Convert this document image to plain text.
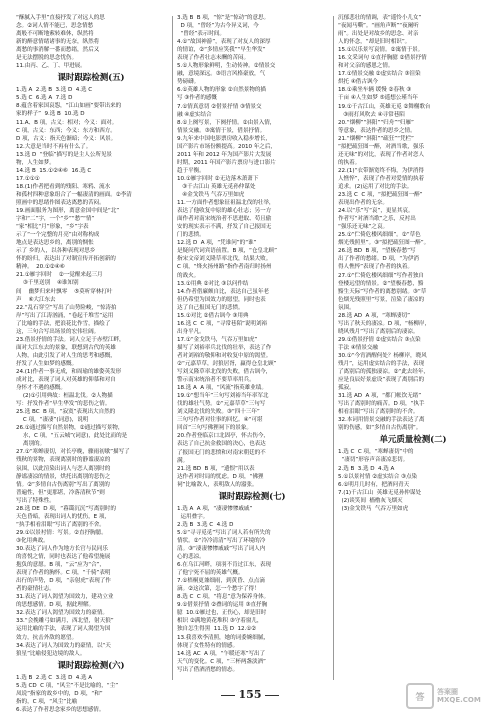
“酥腻入手里”直接抒发了对远人的思
念。②词人情不能已，思念情愁
离般不可断地萦转难休，纵然将
新的醉意情绪诸事的无奈，纵然将
离愁的事消解一番而愁绪，然后又
是无法摆脱的思念忧伤。
11.由丙、乙、丁、甲进展。
课时跟踪检测(五)
1.选 A  2.选 B  3.选 D  4.选 C
5.选 C  6.选 A  7.选 D
8.蕴含着家国哀怨，“江山如画”要带出来的
家的样子”  9.选 B  10.选 D
11.A、B 项，古义：相对；今义：面对。
C 项，古义：东西；今义：东方和西方。
D 项，古义：指天色渐暗；今义：风景。
12.大意是当时不再有什么了。
13.选 D  “登临”描写的是主人公所见景
物，人生如梦。
14.选 B  15.①②④⑥  16.选 C
17.①①①
18.(1)作者把看到的残阳、寒鸦、流水
和孤村四种意象组合了一幅凄清的画面。②李清
照画中的思绪作图表达离愁的苦闷。
19.画面服务为图形，离意金国中间是“北”
字和“二”字，一个“乡”“愁”“情”
“家”相比“月”形象，“乡”字表
示了“一个完整的月亮”由对称构成
地点是表达思乡的，离别的惆怅
示了 乡的人，以各种表现对思乡
怀的盼归，表达出了对制宣传开拓创新的
精神。  20.①②④⑥
21.①雁字回时    ②一觉醒来起三月
③千里送别    ④谁知别
间    幽梦归来叶飘零    ⑤莫听穿林打叶
声    ⑥大江东去
22.“乱石穿空”写出了山势险峻，“惊涛拍
岸”写出了江涛汹涌，“卷起千堆雪”运用
了比喻的手法，把浪花比作雪，描绘了
这，三句合写出场景的宏伟壮阔。
23.借景抒情的手法。词人立足于赤壁江畔，
面对大江东去的景象，联想到古代的英雄
人物，由此引发了对人生的思考和感慨，
抒发了人生如梦的感慨。
24.(1)作者一事无成，和周瑜的雄姿英发形
成对比，表现了词人对英雄的仰慕和对自
身怀才不遇的感慨。
(2)①引用典故：桓温北伐。②人物描
写：抒发作者“早生华发”的悲伤之情。
25.选 BC  B 项，“寂寞”表现出大自然的
C 项，“凄凄”(词意)，说明
26.①通过描写自然景物，②通过描写景物，
水，C 项，“五云城”(词意)，此处比而的是
离别的。
27.①“寒蝉凄切，对长亭晚，骤雨初歇”描写了
残秋的景物，表现离别时的静谧凄凉的
氛围，以此渲染出词人与恋人离别时的
静谧凄凉的情景，烘托出离别的悲伤之
情。②“多情自古伤离别”写出了离别的
普遍性，但“更那堪，冷落清秋节”则
写出了特殊性。
28.选 DE  D 项，“暮霭沉沉”写离别时的
天色昏暗，表现出词人的忧伤，E 项，
“执手相看泪眼”写出了离别的不舍。
29.①以景衬情：写景。②直抒胸臆。
③化用典故。
30.表达了词人作为地方长官与民同乐
的喜悦之情，同时也表达了他希望施展
抱负的意愿。B 项，“云”应为“合”，
表现了作者的胸怀。C 项，“千骑”表明
出行的声势，D 项，“亲射虎”表现了作
者的豪情壮志。
31.表达了词人渴望为国效力，建功立业
的思想感情。D 项，据此理解。
32.表达了词人渴望为国效力的豪情。
33.“会挽雕弓如满月，西北望，射天狼”
运用比喻的手法，表现了词人渴望为国
效力，抗击外敌的愿望。
34.表达了词人为国效力的豪情，以“天
狼星”比喻侵犯边境的敌人。
课时跟踪检测(六)
1.选 B  2.选 C  3.选 D  4.选 A
5.选 CD  C 项，“风尘”不是比喻的，“尘”
凤说”指家的故乡中的，D 项，“和”
指的，C 项，“风尘”比喻
6.表达了作者思念家乡的思想感情。
3.选 B  B 项，“惊”是“惊动”的意思。
D 项，“曾经”为古今异义词，今
“曾经”表示时间。
4.①“故国神游”，表现了对友人的深厚
的情谊，②“多情应笑我”“早生华发”
表现了作者壮志未酬的苦闷。
5.①人物形象鲜明，生动传神。②情景交
融，意境深远。③语言风格豪放，气
势磅礴。
6.①英雄人物的形象 ②自然景物的描
写 ③作者的感慨
7.①情真意切 ②借景抒情 ③情景交
融 ④虚实结合
8.①上阕写景，下阕抒情。②由景入情，
情景交融。③寓情于景，借景抒情。
9.九年来中国电影票房收入稳步增长，
国产影片市场份额提高。2010 年之后，
2011 年和 2012 年为国产影片大发展
时期，2011 年国产影片票房与进口影片
趋于平衡。
10.①雁字回时 ②无边落木萧萧下
③千古江山 英雄无觅孙仲谋处
④金戈铁马 气吞万里如虎
11.一方面作者想象征祖温北伐的壮举，
表达了他收复中原的雄心壮志；另一方
面作者对南宋统治者不思进取、苟且偷
安的现实表示不满，抒发了自己报国无
门的悲愤。
12.选 D  A 项，“凭谁问”的“谁”
是疑问代词宾语前置。B 项，“仓皇北顾”
指宋文帝刘义隆草率北伐，结果大败。
C 项，“烽火扬州路”指作者南归时扬州
的战火。
13.①用典 ②对比 ③以问作结
14.作者借廉颇自比，表达自己虽年老
但仍希望为国效力的愿望，同时也表
达了自己报国无门的悲愤。
15.①对比 ②借古讽今 ③用典
16.选 C  C 项，“寻常巷陌”说明刘裕
出身平凡。
17.①“金戈铁马，气吞万里如虎”
描写了刘裕率兵北伐的壮举，表达了作
者对刘裕的敬仰和对收复中原的渴望。
②“元嘉草草，封狼居胥，赢得仓皇北顾”
写刘义隆草率北伐的失败，借古讽今，
警示南宋统治者不要草率用兵。
18.选 A  A 项，“风流”指英雄业绩。
19.①“想当年”三句写刘裕当年率军北
伐的雄壮气势。②“元嘉草草”三句写
刘义隆北伐的失败。③“四十三年”
三句写作者对往事的回忆。④“可堪
回首”三句写佛狸祠下的景象。
20.作者登临京口北固亭，怀古伤今，
表达了自己抗金救国的决心，也表达
了报国无门的悲愤和对南宋朝廷的不
满。
21.选 BD  B 项，“遗恨”用以表
达作者对时局的忧虑。D 项，“佛狸
祠”比喻敌人，表明敌人的嚣张。
课时跟踪检测(七)
1.选 A  A 项，“凄凄惨惨戚戚”
运用叠字。
2.选 B  3.选 C  4.选 D
5.①“寻寻觅觅”写出了词人若有所失的
情状。②“冷冷清清”写出了环境的冷
清。③“凄凄惨惨戚戚”写出了词人内
心的悲凉。
6.在乌江河畔，项羽不肯过江东，表现
了他宁死不屈的英雄气概。
7.①梧桐更兼细雨，到黄昏、点点滴
滴。②这次第，怎一个愁字了得！
8.选 C  C 项，“将息”意为保养身体。
9.①借景抒情 ②叠词的运用 ③直抒胸
臆  10.①雁过也，正伤心，却是旧时
相识 ②满地黄花堆积 ③守着窗儿，
独自怎生得黑  11.选 D  12.①②
13.我喜欢李清照，她的词委婉细腻，
体现了女性特有的情感。
14.选 AC  A 项，“乍暖还寒”写出了
天气的变化。C 项，“三杯两盏淡酒”
写出了借酒消愁的情态。
沉郁悲壮的情调，表“遥怜小儿女”
“夜闻马嘶”。“画角声断”“夜阑听
雨”。出处是对故乡的思念、对亲
人的怀念，“却是旧时相识”。
15.①以乐景写哀情。②寓情于景。
16.文采词句 ①直抒胸臆 ②借景抒情
和对父亲的感恩之情。
17.①情景交融 ②虚实结合 ③渲染
烘托 ④借古讽今
18.①乘坐车辆 缓慢 ②春秋 ③
千亩 ④人生如梦 ⑤遥想公瑾当年
19.①千古江山，英雄无觅 ②舞榭歌台
③雨打风吹去 ④寻常巷陌
20.“烟柳”“斜阳”“归舟”“归雁”
等意象，表达作者的思乡之情。
21.“烟柳”“斜阳”“疏狂”“凭栏”
“拟把疏狂图一醉，对酒当歌，强乐
还无味”的对比，表现了作者对恋人
的执着。
22.(1)“衣带渐宽终不悔，为伊消得
人憔悴”，表现了作者对爱情的执着
追求。(2)运用了对比的手法。
23.选 C  C 项，“拟把疏狂图一醉”
表现出作者的无奈。
24.以“乐”写“哀”，更显其哀。
作者写“对酒当歌”之乐，反衬出
“强乐还无味”之哀。
25.①“伫倚危楼风细细”。②“草色
烟光残照里”。③“拟把疏狂图一醉”。
26.选 BD  B 项，“望极春愁”写
出了作者的愁绪。D 项，“为伊消
得人憔悴”表现了作者的执着。
27.①“伫倚危楼风细细”写作者独自
登楼远望的情景。②“望极春愁，黯
黯生天际”写作者的离愁别绪。③“草
色烟光残照里”写景，渲染了凄凉的
氛围。
28.选 AD  A 项，“寒蝉凄切”
写出了秋天的凄凉。D 项，“杨柳岸，
晓风残月”写出了离别后的凄凉。
29.①借景抒情 ②虚实结合 ③点染
手法 ④情景交融
30.①“今宵酒醒何处？杨柳岸，晓风
残月”，运用虚实结合的手法，表现
了离别后的孤独凄凉。②“此去经年，
应是良辰好景虚设”表现了离别后的
孤寂。
31.选 AD  A 项，“都门帐饮无绪”
写出了离别时的痛苦。D 项，“执手
相看泪眼”写出了离别时的不舍。
32.本词用情景交融的手法表达了离
别的伤感，如“多情自古伤离别”。
单元质量检测(二)
1.选 C  C 项，“寒蝉凄切”中的
“凄切”形容声音凄凉悲切。
2.选 B  3.选 D  4.选 A
5.①以景衬情 ②虚实结合 ③点染
6.①明月几时有，把酒问青天
7.(1)千古江山  英雄无觅孙仲谋处
(2)谈笑间  樯橹灰飞烟灭
(3)金戈铁马  气吞万里如虎
155	答
答案圈
MXQE.COM
